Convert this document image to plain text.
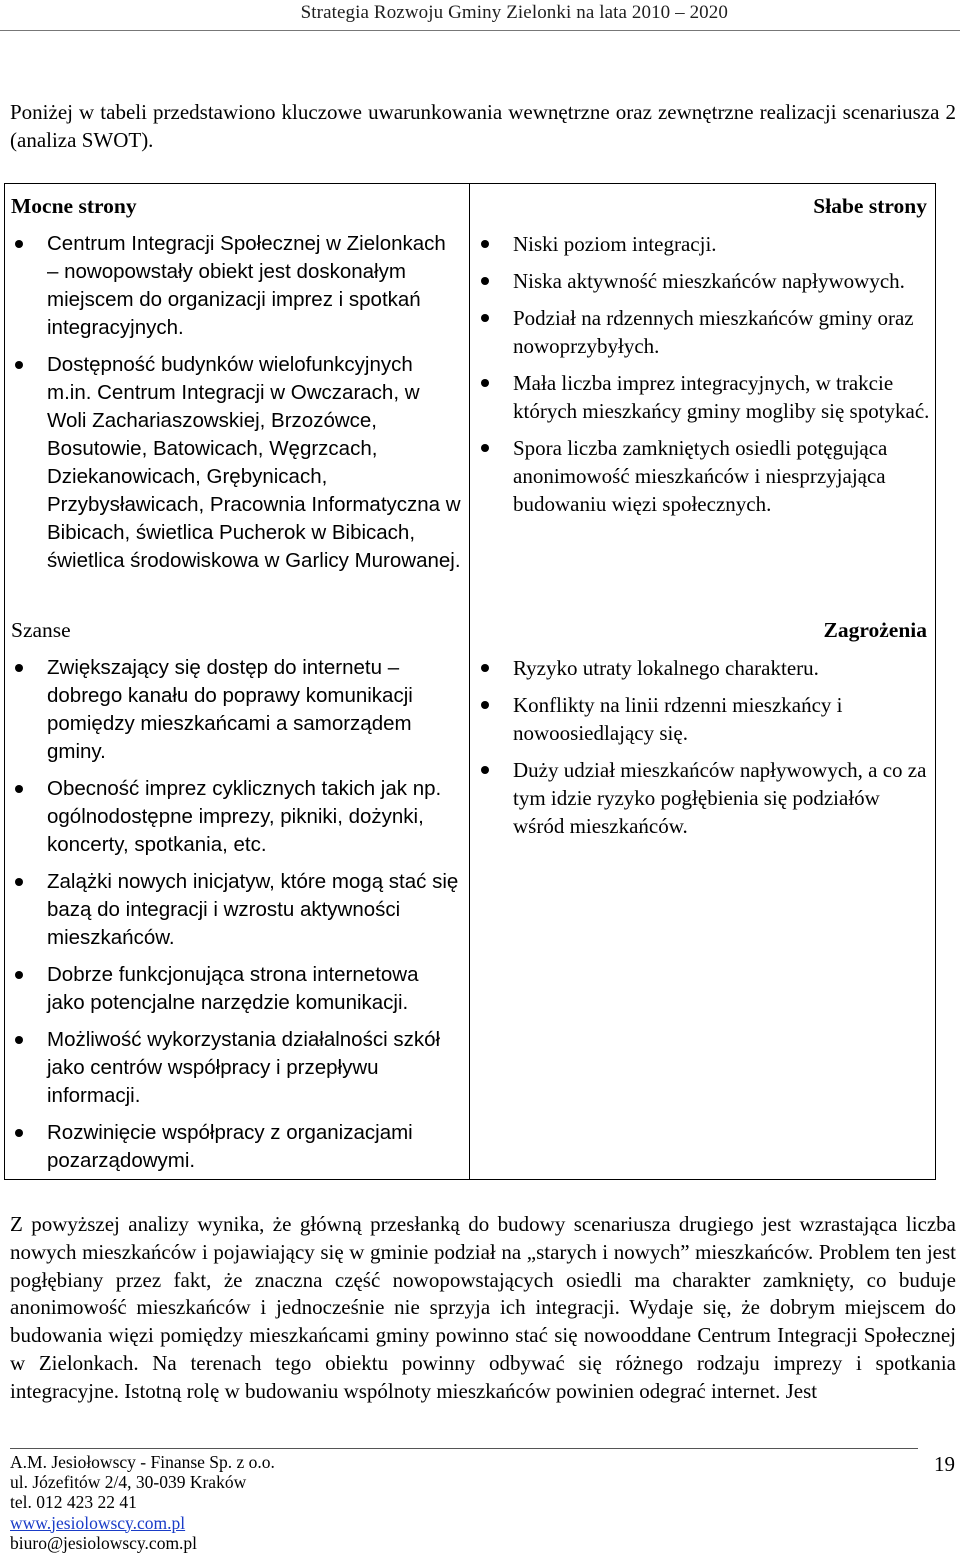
Strategia Rozwoju Gminy Zielonki na lata 2010 – 2020

Poniżej w tabeli przedstawiono kluczowe uwarunkowania wewnętrzne oraz zewnętrzne realizacji scenariusza 2 (analiza SWOT).

Mocne strony
Centrum Integracji Społecznej w Zielonkach – nowopowstały obiekt jest doskonałym miejscem do organizacji imprez i spotkań integracyjnych.
Dostępność budynków wielofunkcyjnych m.in. Centrum Integracji w Owczarach, w Woli Zachariaszowskiej, Brzozówce, Bosutowie, Batowicach, Węgrzcach, Dziekanowicach, Grębynicach, Przybysławicach, Pracownia Informatyczna w Bibicach, świetlica Pucherok w Bibicach, świetlica środowiskowa w Garlicy Murowanej.
Słabe strony
Niski poziom integracji.
Niska aktywność mieszkańców napływowych.
Podział na rdzennych mieszkańców gminy oraz nowoprzybyłych.
Mała liczba imprez integracyjnych, w trakcie których mieszkańcy gminy mogliby się spotykać.
Spora liczba zamkniętych osiedli potęgująca anonimowość mieszkańców i niesprzyjająca budowaniu więzi społecznych.
Szanse
Zwiększający się dostęp do internetu – dobrego kanału do poprawy komunikacji pomiędzy mieszkańcami a samorządem gminy.
Obecność imprez cyklicznych takich jak np. ogólnodostępne imprezy, pikniki, dożynki, koncerty, spotkania, etc.
Zalążki nowych inicjatyw, które mogą stać się bazą do integracji i wzrostu aktywności mieszkańców.
Dobrze funkcjonująca strona internetowa jako potencjalne narzędzie komunikacji.
Możliwość wykorzystania działalności szkół jako centrów współpracy i przepływu informacji.
Rozwinięcie współpracy z organizacjami pozarządowymi.
Zagrożenia
Ryzyko utraty lokalnego charakteru.
Konflikty na linii rdzenni mieszkańcy i nowoosiedlający się.
Duży udział mieszkańców napływowych, a co za tym idzie ryzyko pogłębienia się podziałów wśród mieszkańców.

Z powyższej analizy wynika, że główną przesłanką do budowy scenariusza drugiego jest wzrastająca liczba nowych mieszkańców i pojawiający się w gminie podział na „starych i nowych” mieszkańców. Problem ten jest pogłębiany przez fakt, że znaczna część nowopowstających osiedli ma charakter zamknięty, co buduje anonimowość mieszkańców i jednocześnie nie sprzyja ich integracji. Wydaje się, że dobrym miejscem do budowania więzi pomiędzy mieszkańcami gminy powinno stać się nowooddane Centrum Integracji Społecznej w Zielonkach. Na terenach tego obiektu powinny odbywać się różnego rodzaju imprezy i spotkania integracyjne. Istotną rolę w budowaniu wspólnoty mieszkańców powinien odegrać internet. Jest

A.M. Jesiołowscy - Finanse Sp. z o.o.
ul. Józefitów 2/4, 30-039 Kraków
tel. 012 423 22 41
www.jesiolowscy.com.pl
biuro@jesiolowscy.com.pl
19
